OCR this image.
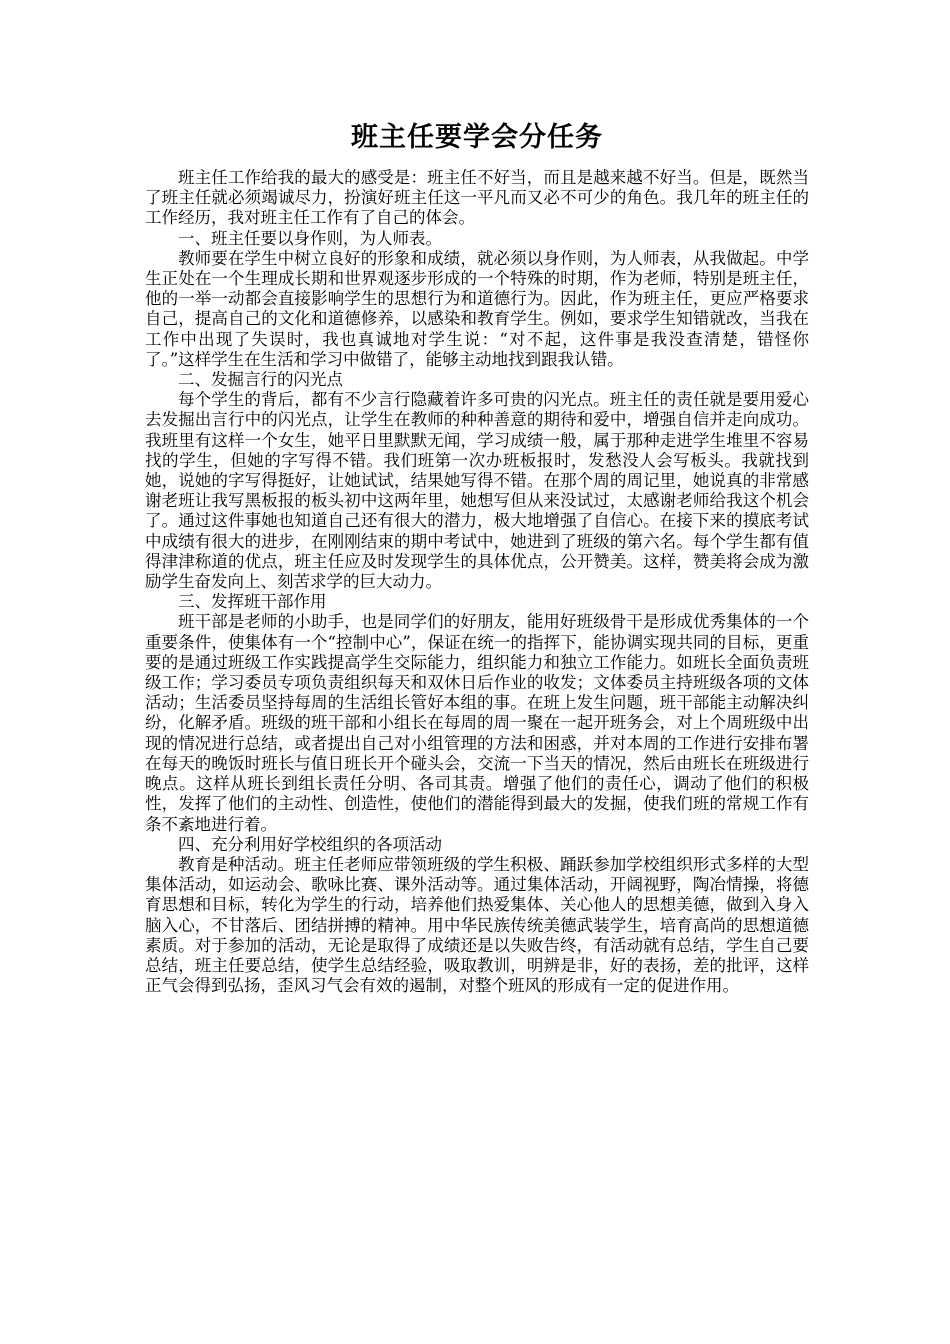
班主任要学会分任务

班主任工作给我的最大的感受是：班主任不好当，而且是越来越不好当。但是，既然当了班主任就必须竭诚尽力，扮演好班主任这一平凡而又必不可少的角色。我几年的班主任的工作经历，我对班主任工作有了自己的体会。

一、班主任要以身作则，为人师表。

教师要在学生中树立良好的形象和成绩，就必须以身作则，为人师表，从我做起。中学生正处在一个生理成长期和世界观逐步形成的一个特殊的时期，作为老师，特别是班主任，他的一举一动都会直接影响学生的思想行为和道德行为。因此，作为班主任，更应严格要求自己，提高自己的文化和道德修养，以感染和教育学生。例如，要求学生知错就改，当我在工作中出现了失误时，我也真诚地对学生说：“对不起，这件事是我没查清楚，错怪你了。”这样学生在生活和学习中做错了，能够主动地找到跟我认错。

二、发掘言行的闪光点

每个学生的背后，都有不少言行隐藏着许多可贵的闪光点。班主任的责任就是要用爱心去发掘出言行中的闪光点，让学生在教师的种种善意的期待和爱中，增强自信并走向成功。我班里有这样一个女生，她平日里默默无闻，学习成绩一般，属于那种走进学生堆里不容易找的学生，但她的字写得不错。我们班第一次办班板报时，发愁没人会写板头。我就找到她，说她的字写得挺好，让她试试，结果她写得不错。在那个周的周记里，她说真的非常感谢老班让我写黑板报的板头初中这两年里，她想写但从来没试过，太感谢老师给我这个机会了。通过这件事她也知道自己还有很大的潜力，极大地增强了自信心。在接下来的摸底考试中成绩有很大的进步，在刚刚结束的期中考试中，她进到了班级的第六名。每个学生都有值得津津称道的优点，班主任应及时发现学生的具体优点，公开赞美。这样，赞美将会成为激励学生奋发向上、刻苦求学的巨大动力。

三、发挥班干部作用

班干部是老师的小助手，也是同学们的好朋友，能用好班级骨干是形成优秀集体的一个重要条件，使集体有一个“控制中心”，保证在统一的指挥下，能协调实现共同的目标，更重要的是通过班级工作实践提高学生交际能力，组织能力和独立工作能力。如班长全面负责班级工作；学习委员专项负责组织每天和双休日后作业的收发；文体委员主持班级各项的文体活动；生活委员坚持每周的生活组长管好本组的事。在班上发生问题，班干部能主动解决纠纷，化解矛盾。班级的班干部和小组长在每周的周一聚在一起开班务会，对上个周班级中出现的情况进行总结，或者提出自己对小组管理的方法和困惑，并对本周的工作进行安排布署在每天的晚饭时班长与值日班长开个碰头会，交流一下当天的情况，然后由班长在班级进行晚点。这样从班长到组长责任分明、各司其责。增强了他们的责任心，调动了他们的积极性，发挥了他们的主动性、创造性，使他们的潜能得到最大的发掘，使我们班的常规工作有条不紊地进行着。

四、充分利用好学校组织的各项活动

教育是种活动。班主任老师应带领班级的学生积极、踊跃参加学校组织形式多样的大型集体活动，如运动会、歌咏比赛、课外活动等。通过集体活动，开阔视野，陶冶情操，将德育思想和目标，转化为学生的行动，培养他们热爱集体、关心他人的思想美德，做到入身入脑入心，不甘落后、团结拼搏的精神。用中华民族传统美德武装学生，培育高尚的思想道德素质。对于参加的活动，无论是取得了成绩还是以失败告终，有活动就有总结，学生自己要总结，班主任要总结，使学生总结经验，吸取教训，明辨是非，好的表扬，差的批评，这样正气会得到弘扬，歪风习气会有效的遏制，对整个班风的形成有一定的促进作用。
